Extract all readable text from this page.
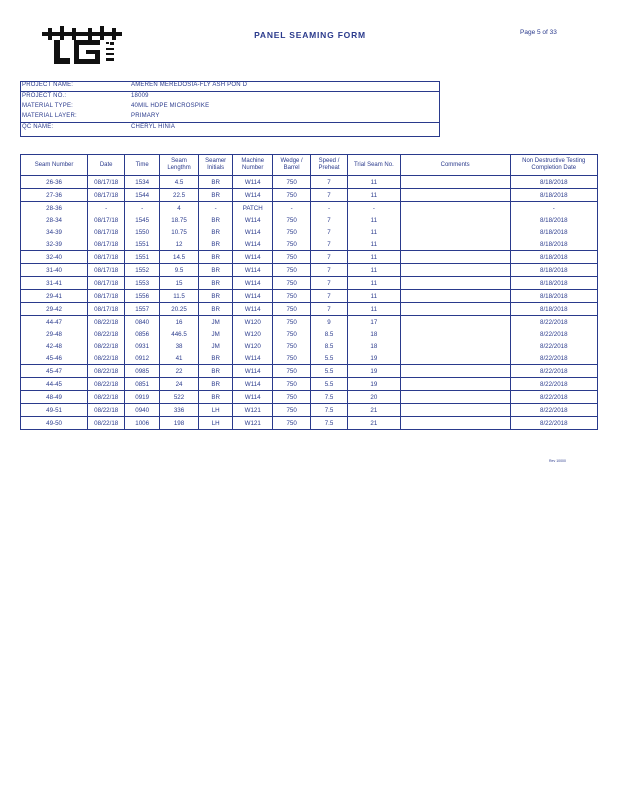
PANEL SEAMING FORM	Page 5 of 33
PROJECT NAME:	AMEREN MEREDOSIA-FLY ASH PON D
PROJECT NO.:	18009
MATERIAL TYPE:	40MIL HDPE MICROSPIKE
MATERIAL LAYER:	PRIMARY
QC NAME:	CHERYL HINIA
Seam Number	Date	Time	Seam Lengthm	Seamer Initials	Machine Number	Wedge / Barrel	Speed / Preheat	Trial Seam No.	Comments	Non Destructive Testing Completion Date
26-36	08/17/18	1534	4.5	BR	W114	750	7	11		8/18/2018
27-36	08/17/18	1544	22.5	BR	W114	750	7	11		8/18/2018
28-36	-	-	4	-	PATCH	-	-	-		-
28-34	08/17/18	1545	18.75	BR	W114	750	7	11		8/18/2018
34-39	08/17/18	1550	10.75	BR	W114	750	7	11		8/18/2018
32-39	08/17/18	1551	12	BR	W114	750	7	11		8/18/2018
32-40	08/17/18	1551	14.5	BR	W114	750	7	11		8/18/2018
31-40	08/17/18	1552	9.5	BR	W114	750	7	11		8/18/2018
31-41	08/17/18	1553	15	BR	W114	750	7	11		8/18/2018
29-41	08/17/18	1556	11.5	BR	W114	750	7	11		8/18/2018
29-42	08/17/18	1557	20.25	BR	W114	750	7	11		8/18/2018
44-47	08/22/18	0840	16	JM	W120	750	9	17		8/22/2018
29-48	08/22/18	0856	446.5	JM	W120	750	8.5	18		8/22/2018
42-48	08/22/18	0931	38	JM	W120	750	8.5	18		8/22/2018
45-46	08/22/18	0912	41	BR	W114	750	5.5	19		8/22/2018
45-47	08/22/18	0985	22	BR	W114	750	5.5	19		8/22/2018
44-45	08/22/18	0851	24	BR	W114	750	5.5	19		8/22/2018
48-49	08/22/18	0919	522	BR	W114	750	7.5	20		8/22/2018
49-51	08/22/18	0940	336	LH	W121	750	7.5	21		8/22/2018
49-50	08/22/18	1006	198	LH	W121	750	7.5	21		8/22/2018
Rev 10000
